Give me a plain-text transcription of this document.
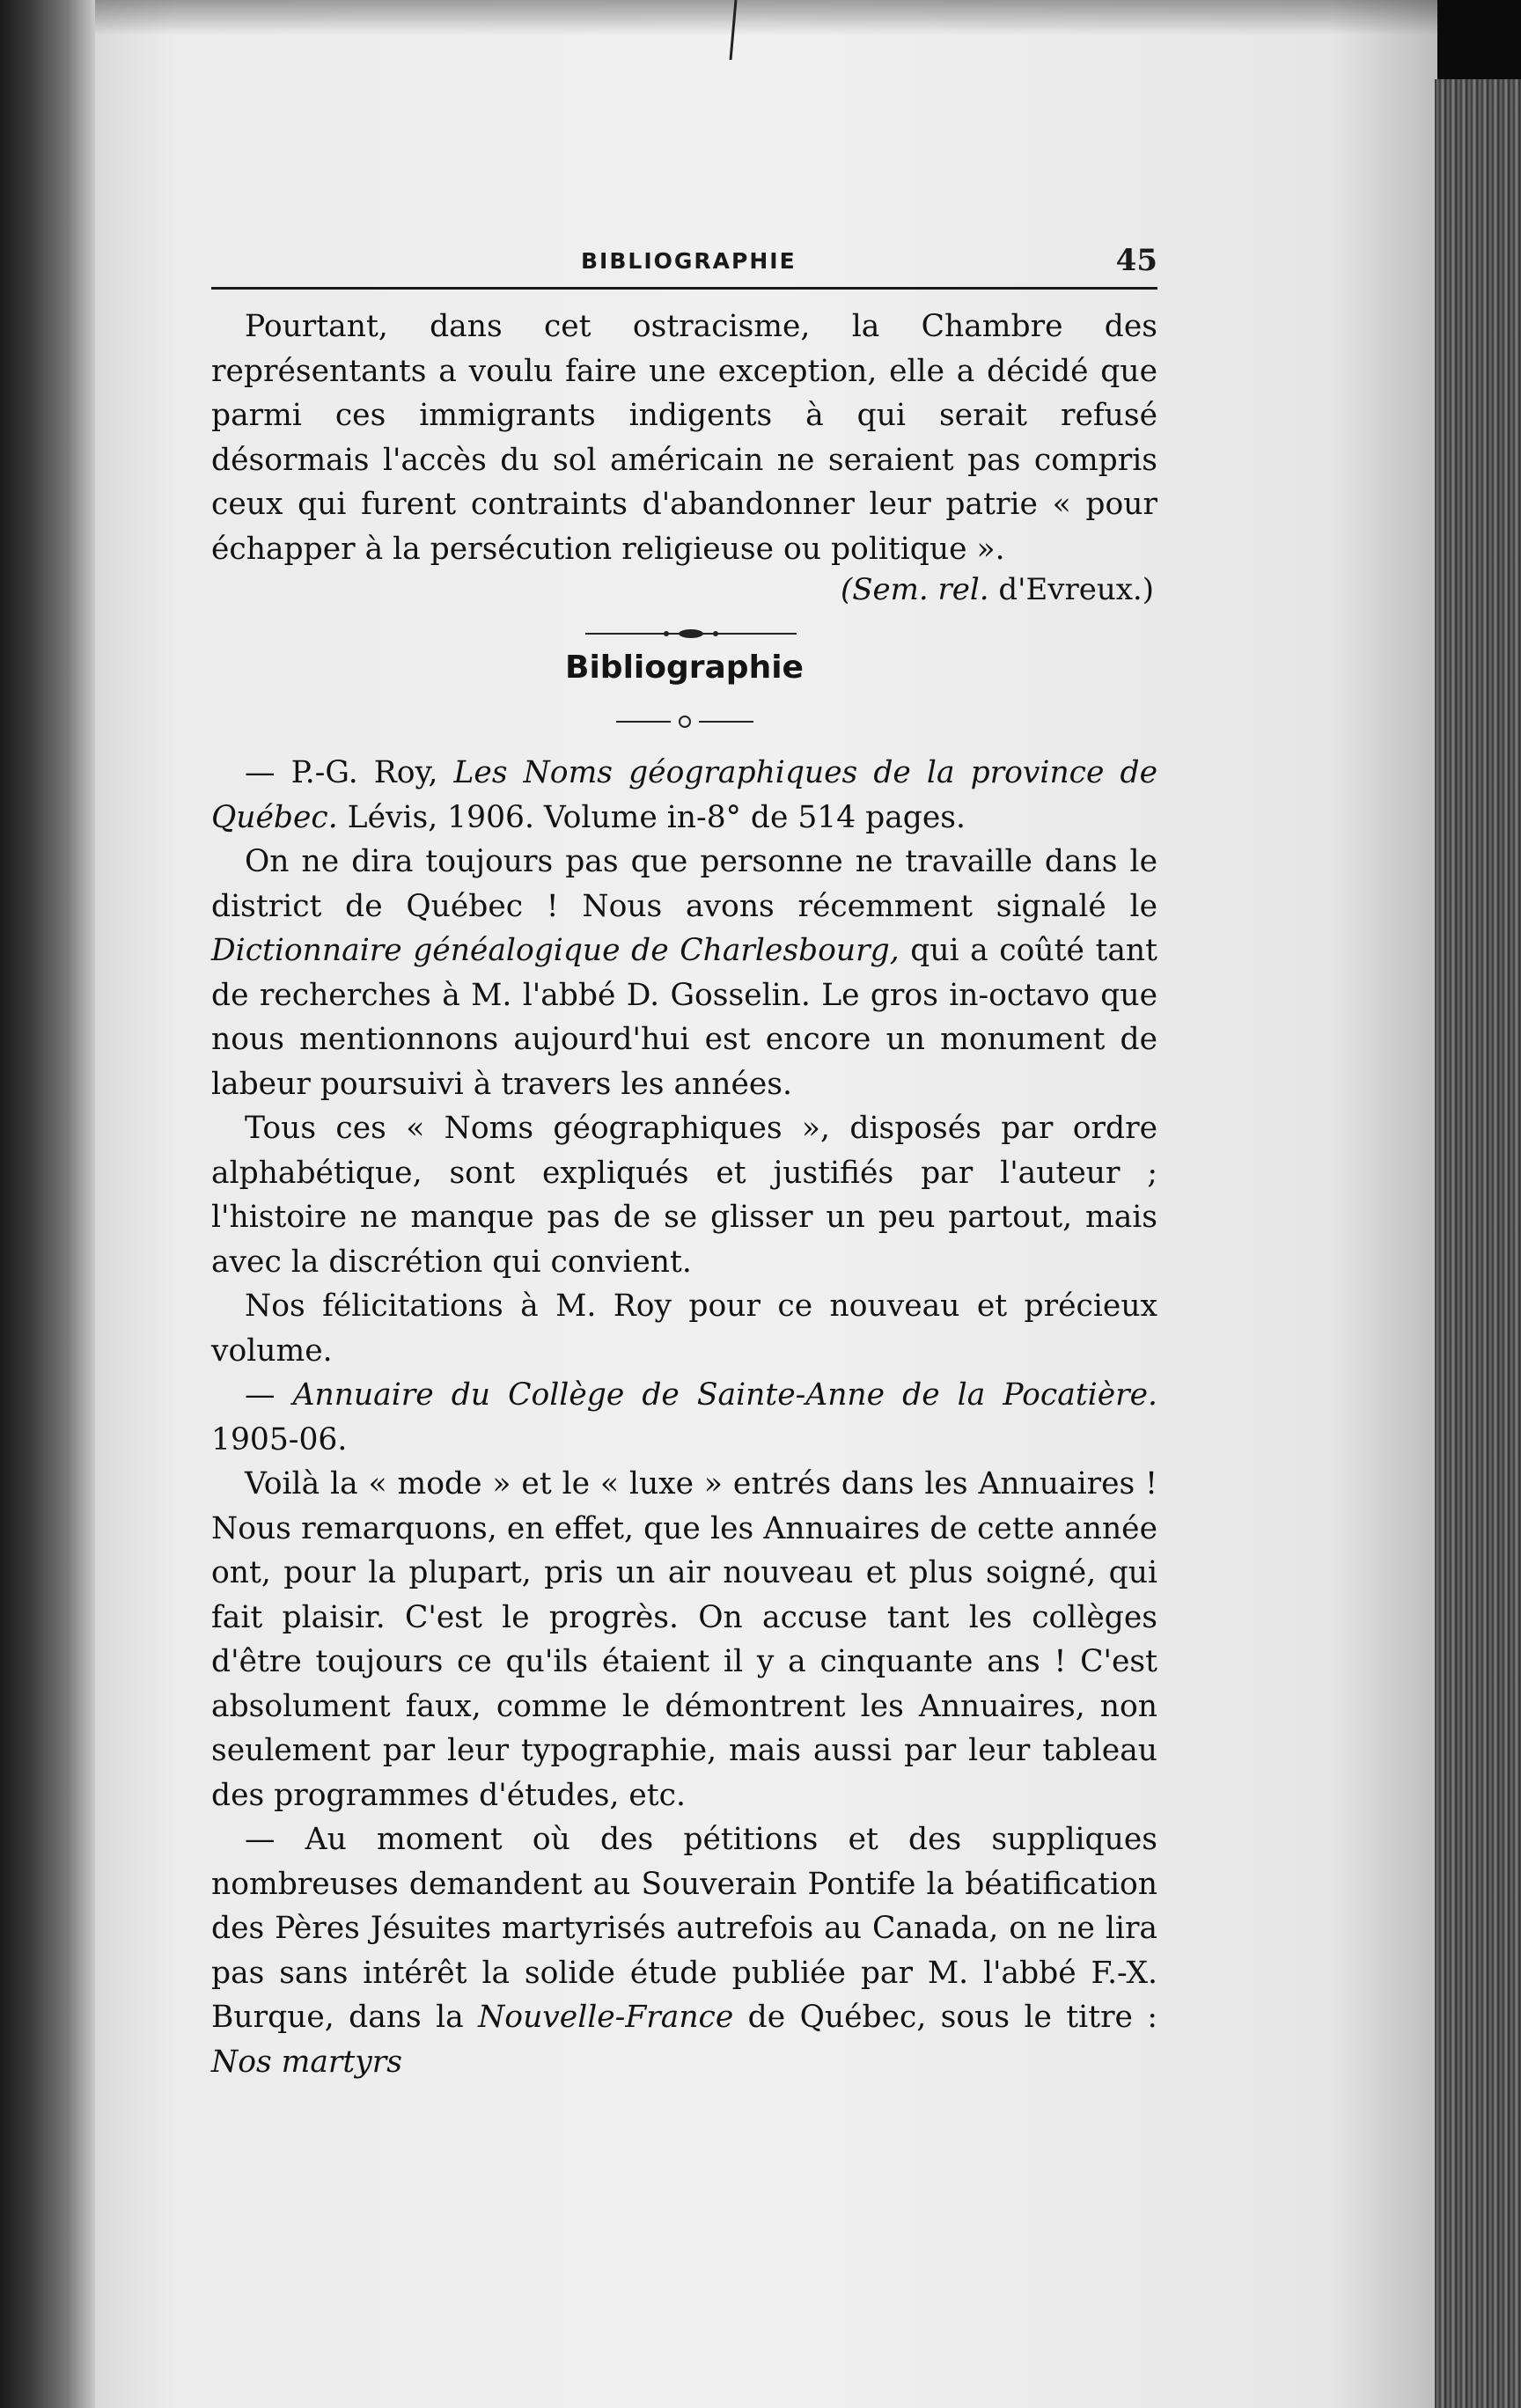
BIBLIOGRAPHIE	45

Pourtant, dans cet ostracisme, la Chambre des représentants a voulu faire une exception, elle a décidé que parmi ces immigrants indigents à qui serait refusé désormais l'accès du sol américain ne seraient pas compris ceux qui furent contraints d'abandonner leur patrie « pour échapper à la persécution religieuse ou politique ».

(Sem. rel. d'Evreux.)
Bibliographie

— P.-G. Roy, Les Noms géographiques de la province de Québec. Lévis, 1906. Volume in-8° de 514 pages.

On ne dira toujours pas que personne ne travaille dans le district de Québec ! Nous avons récemment signalé le Dictionnaire généalogique de Charlesbourg, qui a coûté tant de recherches à M. l'abbé D. Gosselin. Le gros in-octavo que nous mentionnons aujourd'hui est encore un monument de labeur poursuivi à travers les années.

Tous ces « Noms géographiques », disposés par ordre alphabétique, sont expliqués et justifiés par l'auteur ; l'histoire ne manque pas de se glisser un peu partout, mais avec la discrétion qui convient.

Nos félicitations à M. Roy pour ce nouveau et précieux volume.

— Annuaire du Collège de Sainte-Anne de la Pocatière. 1905-06.

Voilà la « mode » et le « luxe » entrés dans les Annuaires ! Nous remarquons, en effet, que les Annuaires de cette année ont, pour la plupart, pris un air nouveau et plus soigné, qui fait plaisir. C'est le progrès. On accuse tant les collèges d'être toujours ce qu'ils étaient il y a cinquante ans ! C'est absolument faux, comme le démontrent les Annuaires, non seulement par leur typographie, mais aussi par leur tableau des programmes d'études, etc.

— Au moment où des pétitions et des suppliques nombreuses demandent au Souverain Pontife la béatification des Pères Jésuites martyrisés autrefois au Canada, on ne lira pas sans intérêt la solide étude publiée par M. l'abbé F.-X. Burque, dans la Nouvelle-France de Québec, sous le titre : Nos martyrs
